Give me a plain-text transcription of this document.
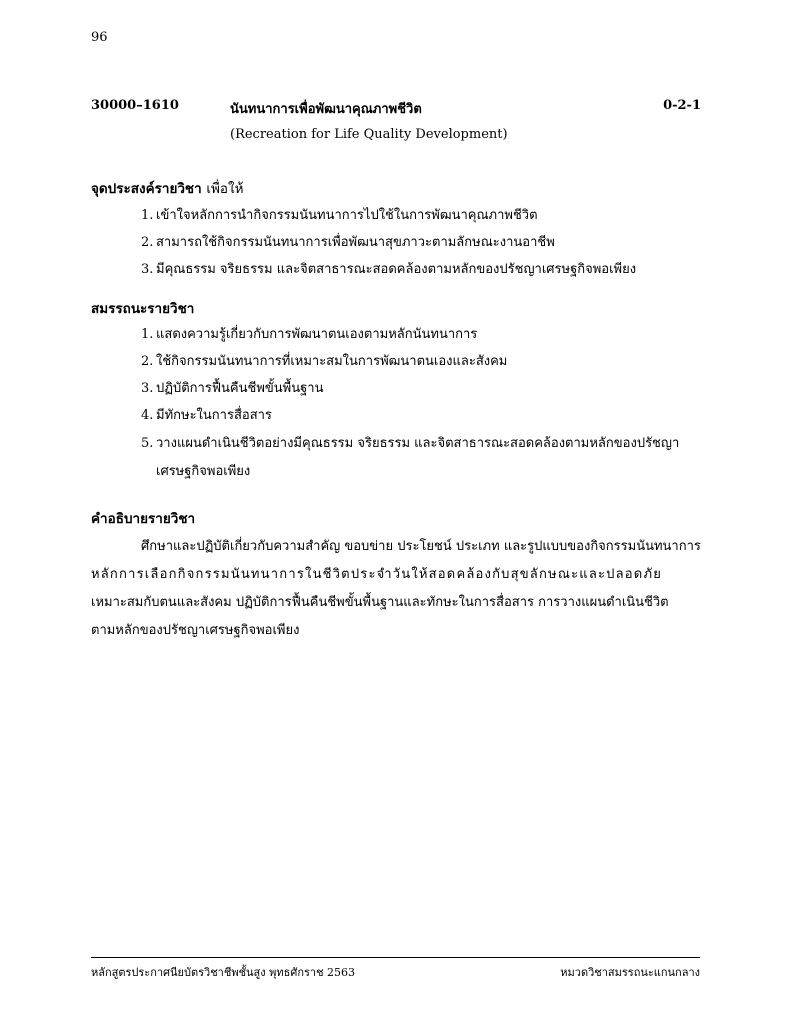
96
30000–1610	นันทนาการเพื่อพัฒนาคุณภาพชีวิต	0-2-1
(Recreation for Life Quality Development)
จุดประสงค์รายวิชา เพื่อให้
1. เข้าใจหลักการนำกิจกรรมนันทนาการไปใช้ในการพัฒนาคุณภาพชีวิต
2. สามารถใช้กิจกรรมนันทนาการเพื่อพัฒนาสุขภาวะตามลักษณะงานอาชีพ
3. มีคุณธรรม จริยธรรม และจิตสาธารณะสอดคล้องตามหลักของปรัชญาเศรษฐกิจพอเพียง
สมรรถนะรายวิชา
1. แสดงความรู้เกี่ยวกับการพัฒนาตนเองตามหลักนันทนาการ
2. ใช้กิจกรรมนันทนาการที่เหมาะสมในการพัฒนาตนเองและสังคม
3. ปฏิบัติการฟื้นคืนชีพขั้นพื้นฐาน
4. มีทักษะในการสื่อสาร
5. วางแผนดำเนินชีวิตอย่างมีคุณธรรม จริยธรรม และจิตสาธารณะสอดคล้องตามหลักของปรัชญา
เศรษฐกิจพอเพียง
คำอธิบายรายวิชา
ศึกษาและปฏิบัติเกี่ยวกับความสำคัญ ขอบข่าย ประโยชน์ ประเภท และรูปแบบของกิจกรรมนันทนาการ
หลักการเลือกกิจกรรมนันทนาการในชีวิตประจำวันให้สอดคล้องกับสุขลักษณะและปลอดภัย
เหมาะสมกับตนและสังคม ปฏิบัติการฟื้นคืนชีพขั้นพื้นฐานและทักษะในการสื่อสาร การวางแผนดำเนินชีวิต
ตามหลักของปรัชญาเศรษฐกิจพอเพียง
หลักสูตรประกาศนียบัตรวิชาชีพชั้นสูง พุทธศักราช 2563	หมวดวิชาสมรรถนะแกนกลาง
